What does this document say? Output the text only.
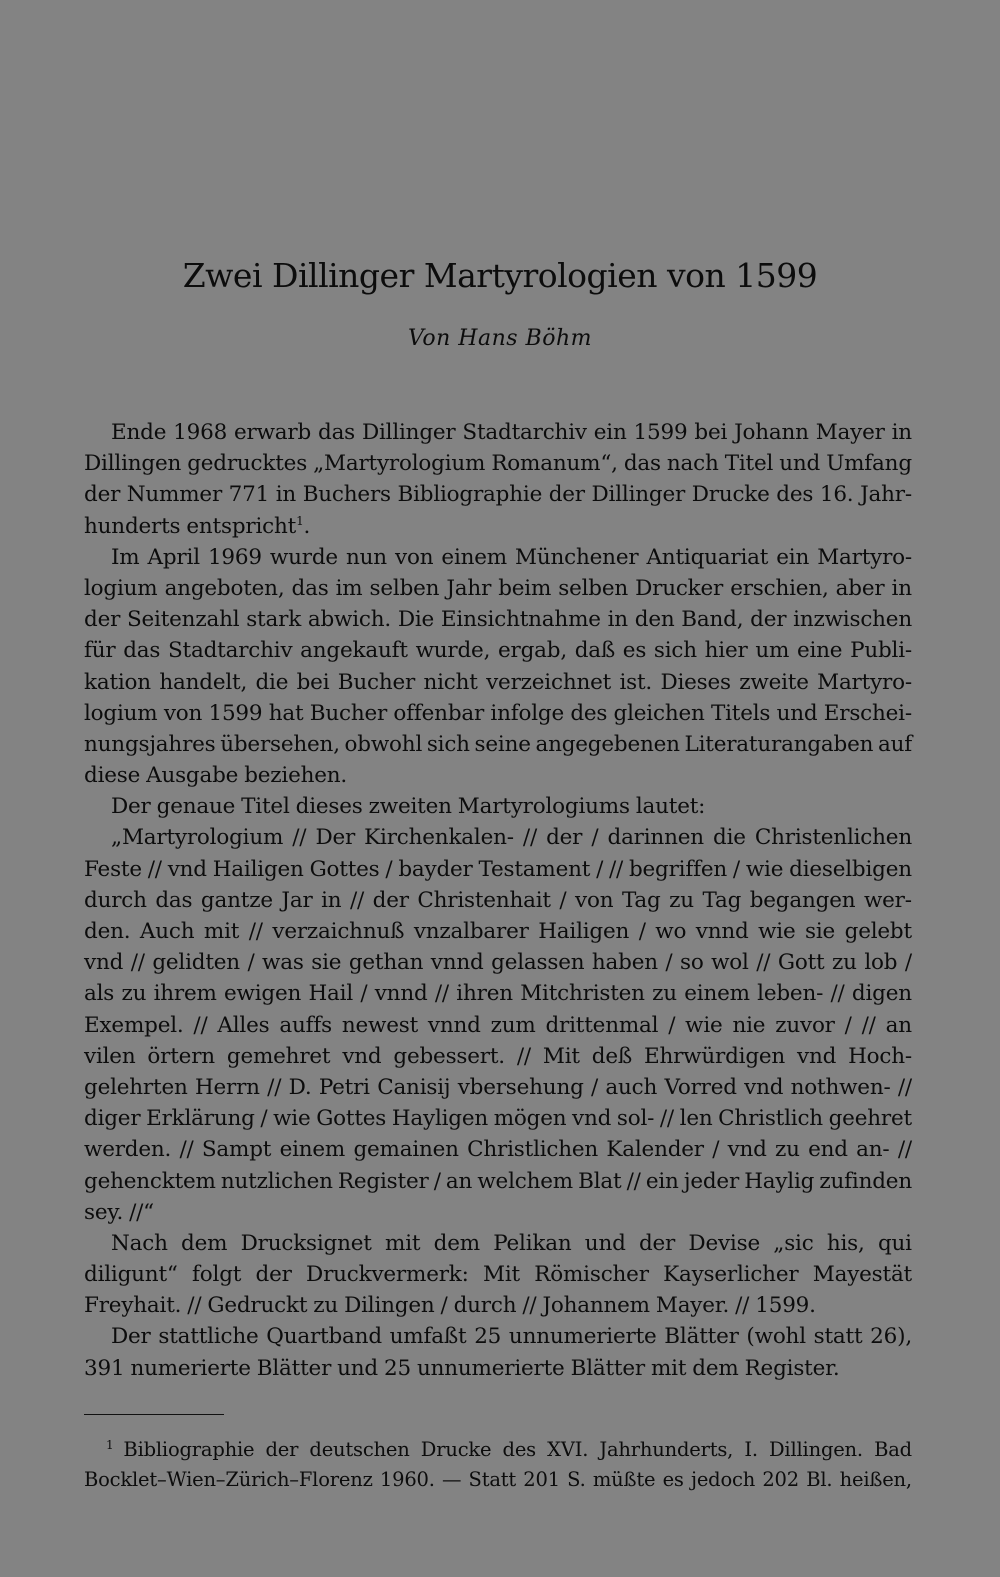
Zwei Dillinger Martyrologien von 1599
Von Hans Böhm
Ende 1968 erwarb das Dillinger Stadtarchiv ein 1599 bei Johann Mayer in
Dillingen gedrucktes „Martyrologium Romanum“, das nach Titel und Umfang
der Nummer 771 in Buchers Bibliographie der Dillinger Drucke des 16. Jahr-
hunderts entspricht$^1$.
Im April 1969 wurde nun von einem Münchener Antiquariat ein Martyro-
logium angeboten, das im selben Jahr beim selben Drucker erschien, aber in
der Seitenzahl stark abwich. Die Einsichtnahme in den Band, der inzwischen
für das Stadtarchiv angekauft wurde, ergab, daß es sich hier um eine Publi-
kation handelt, die bei Bucher nicht verzeichnet ist. Dieses zweite Martyro-
logium von 1599 hat Bucher offenbar infolge des gleichen Titels und Erschei-
nungsjahres übersehen, obwohl sich seine angegebenen Literaturangaben auf
diese Ausgabe beziehen.
Der genaue Titel dieses zweiten Martyrologiums lautet:
„Martyrologium // Der Kirchenkalen- // der / darinnen die Christenlichen
Feste // vnd Hailigen Gottes / bayder Testament / // begriffen / wie dieselbigen
durch das gantze Jar in // der Christenhait / von Tag zu Tag begangen wer-
den. Auch mit // verzaichnuß vnzalbarer Hailigen / wo vnnd wie sie gelebt
vnd // gelidten / was sie gethan vnnd gelassen haben / so wol // Gott zu lob /
als zu ihrem ewigen Hail / vnnd // ihren Mitchristen zu einem leben- // digen
Exempel. // Alles auffs newest vnnd zum drittenmal / wie nie zuvor / // an
vilen örtern gemehret vnd gebessert. // Mit deß Ehrwürdigen vnd Hoch-
gelehrten Herrn // D. Petri Canisij vbersehung / auch Vorred vnd nothwen- //
diger Erklärung / wie Gottes Hayligen mögen vnd sol- // len Christlich geehret
werden. // Sampt einem gemainen Christlichen Kalender / vnd zu end an- //
gehencktem nutzlichen Register / an welchem Blat // ein jeder Haylig zufinden
sey. //“
Nach dem Drucksignet mit dem Pelikan und der Devise „sic his, qui
diligunt“ folgt der Druckvermerk: Mit Römischer Kayserlicher Mayestät
Freyhait. // Gedruckt zu Dilingen / durch // Johannem Mayer. // 1599.
Der stattliche Quartband umfaßt 25 unnumerierte Blätter (wohl statt 26),
391 numerierte Blätter und 25 unnumerierte Blätter mit dem Register.
$^1$ Bibliographie der deutschen Drucke des XVI. Jahrhunderts, I. Dillingen. Bad
Bocklet–Wien–Zürich–Florenz 1960. — Statt 201 S. müßte es jedoch 202 Bl. heißen,
